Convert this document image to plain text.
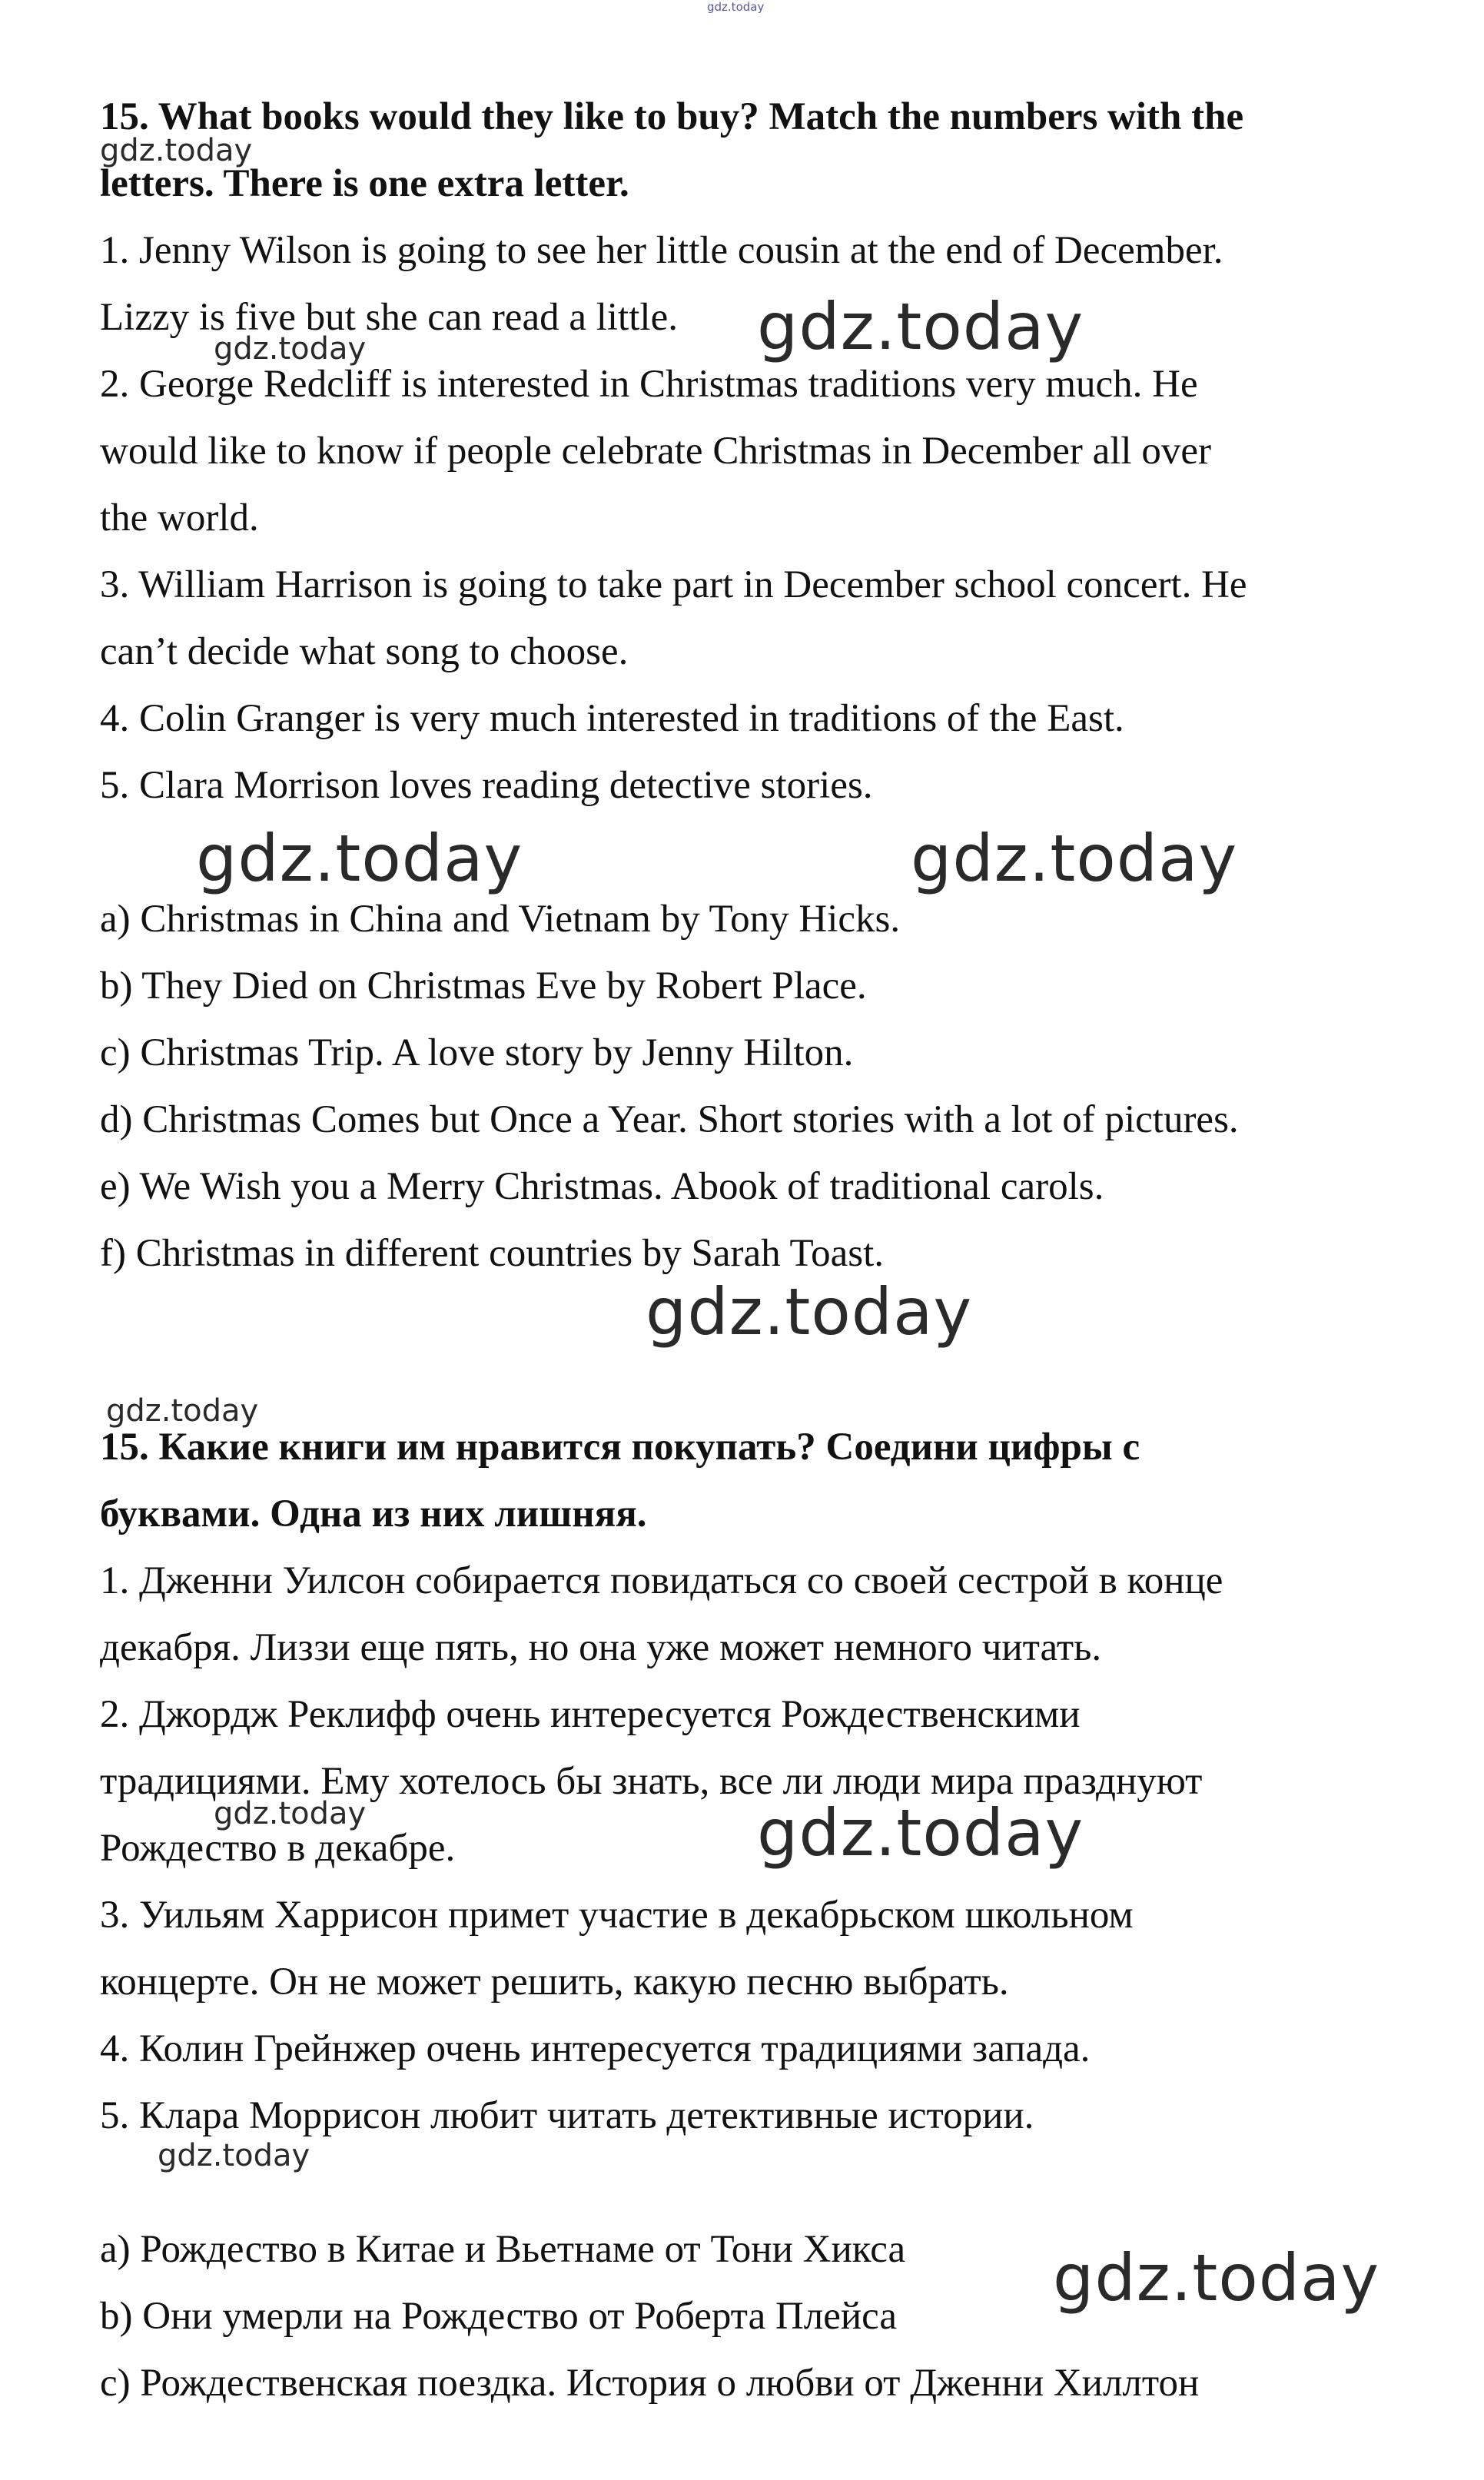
gdz.today
15. What books would they like to buy? Match the numbers with the
letters. There is one extra letter.
1. Jenny Wilson is going to see her little cousin at the end of December.
Lizzy is five but she can read a little.
2. George Redcliff is interested in Christmas traditions very much. He
would like to know if people celebrate Christmas in December all over
the world.
3. William Harrison is going to take part in December school concert. He
can’t decide what song to choose.
4. Colin Granger is very much interested in traditions of the East.
5. Clara Morrison loves reading detective stories.
a) Christmas in China and Vietnam by Tony Hicks.
b) They Died on Christmas Eve by Robert Place.
c) Christmas Trip. A love story by Jenny Hilton.
d) Christmas Comes but Once a Year. Short stories with a lot of pictures.
e) We Wish you a Merry Christmas. Abook of traditional carols.
f) Christmas in different countries by Sarah Toast.
15. Какие книги им нравится покупать? Соедини цифры с
буквами. Одна из них лишняя.
1. Дженни Уилсон собирается повидаться со своей сестрой в конце
декабря. Лиззи еще пять, но она уже может немного читать.
2. Джордж Реклифф очень интересуется Рождественскими
традициями. Ему хотелось бы знать, все ли люди мира празднуют
Рождество в декабре.
3. Уильям Харрисон примет участие в декабрьском школьном
концерте. Он не может решить, какую песню выбрать.
4. Колин Грейнжер очень интересуется традициями запада.
5. Клара Моррисон любит читать детективные истории.
a) Рождество в Китае и Вьетнаме от Тони Хикса
b) Они умерли на Рождество от Роберта Плейса
c) Рождественская поездка. История о любви от Дженни Хиллтон
gdz.today
gdz.today
gdz.today
gdz.today	gdz.today
gdz.today
gdz.today
gdz.today	gdz.today
gdz.today
gdz.today
